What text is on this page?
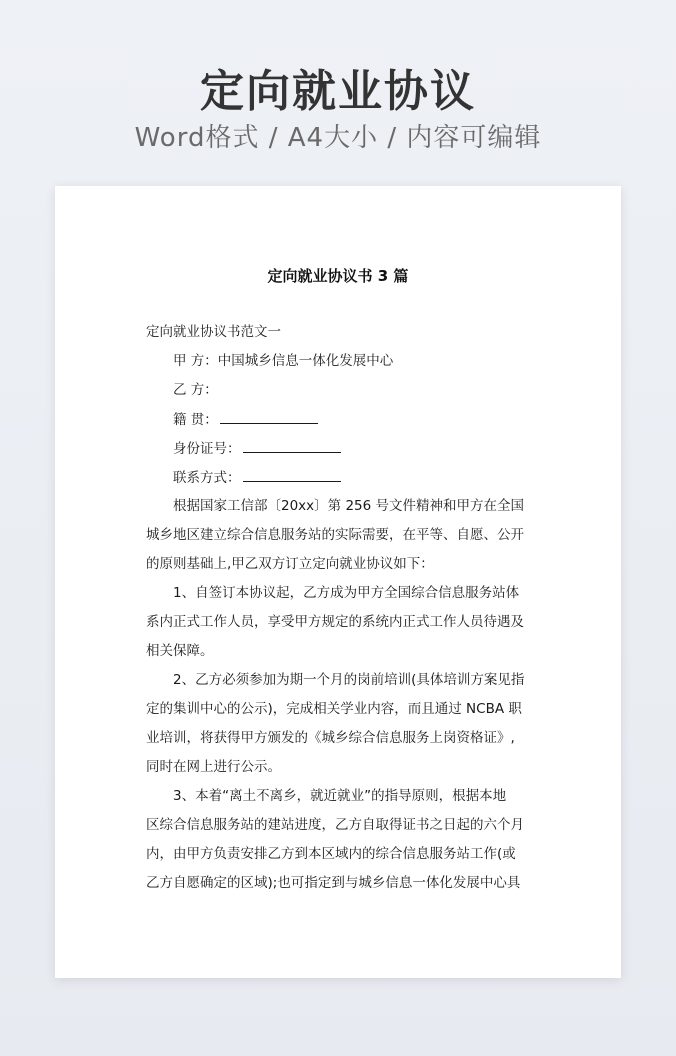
定向就业协议
Word格式 / A4大小 / 内容可编辑
定向就业协议书 3 篇
定向就业协议书范文一
甲 方：中国城乡信息一体化发展中心
乙 方：
籍 贯：
身份证号：
联系方式：
根据国家工信部〔20xx〕第 256 号文件精神和甲方在全国
城乡地区建立综合信息服务站的实际需要，在平等、自愿、公开
的原则基础上,甲乙双方订立定向就业协议如下：
1、自签订本协议起，乙方成为甲方全国综合信息服务站体
系内正式工作人员，享受甲方规定的系统内正式工作人员待遇及
相关保障。
2、乙方必须参加为期一个月的岗前培训(具体培训方案见指
定的集训中心的公示)，完成相关学业内容，而且通过 NCBA 职
业培训，将获得甲方颁发的《城乡综合信息服务上岗资格证》,
同时在网上进行公示。
3、本着“离土不离乡，就近就业”的指导原则，根据本地
区综合信息服务站的建站进度，乙方自取得证书之日起的六个月
内，由甲方负责安排乙方到本区域内的综合信息服务站工作(或
乙方自愿确定的区域);也可指定到与城乡信息一体化发展中心具
